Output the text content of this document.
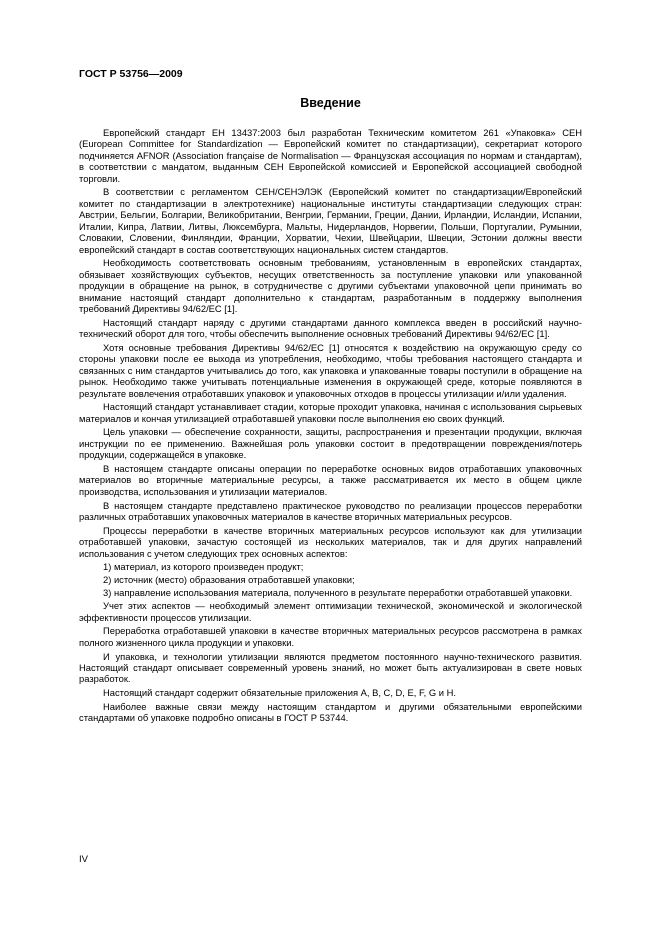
ГОСТ Р 53756—2009
Введение

Европейский стандарт ЕН 13437:2003 был разработан Техническим комитетом 261 «Упаковка» CEH (European Committee for Standardization — Европейский комитет по стандартизации), секретариат которого подчиняется AFNOR (Association française de Normalisation — Французская ассоциация по нормам и стандартам), в соответствии с мандатом, выданным CEH Европейской комиссией и Европейской ассоциацией свободной торговли.

В соответствии с регламентом CEH/СЕНЭЛЭК (Европейский комитет по стандартизации/Европейский комитет по стандартизации в электротехнике) национальные институты стандартизации следующих стран: Австрии, Бельгии, Болгарии, Великобритании, Венгрии, Германии, Греции, Дании, Ирландии, Исландии, Испании, Италии, Кипра, Латвии, Литвы, Люксембурга, Мальты, Нидерландов, Норвегии, Польши, Португалии, Румынии, Словакии, Словении, Финляндии, Франции, Хорватии, Чехии, Швейцарии, Швеции, Эстонии должны ввести европейский стандарт в состав соответствующих национальных систем стандартов.

Необходимость соответствовать основным требованиям, установленным в европейских стандартах, обязывает хозяйствующих субъектов, несущих ответственность за поступление упаковки или упакованной продукции в обращение на рынок, в сотрудничестве с другими субъектами упаковочной цепи принимать во внимание настоящий стандарт дополнительно к стандартам, разработанным в поддержку выполнения требований Директивы 94/62/ЕС [1].

Настоящий стандарт наряду с другими стандартами данного комплекса введен в российский научно-технический оборот для того, чтобы обеспечить выполнение основных требований Директивы 94/62/ЕС [1].

Хотя основные требования Директивы 94/62/ЕС [1] относятся к воздействию на окружающую среду со стороны упаковки после ее выхода из употребления, необходимо, чтобы требования настоящего стандарта и связанных с ним стандартов учитывались до того, как упаковка и упакованные товары поступили в обращение на рынок. Необходимо также учитывать потенциальные изменения в окружающей среде, которые появляются в результате вовлечения отработавших упаковок и упаковочных отходов в процессы утилизации и/или удаления.

Настоящий стандарт устанавливает стадии, которые проходит упаковка, начиная с использования сырьевых материалов и кончая утилизацией отработавшей упаковки после выполнения ею своих функций.

Цель упаковки — обеспечение сохранности, защиты, распространения и презентации продукции, включая инструкции по ее применению. Важнейшая роль упаковки состоит в предотвращении повреждения/потерь продукции, содержащейся в упаковке.

В настоящем стандарте описаны операции по переработке основных видов отработавших упаковочных материалов во вторичные материальные ресурсы, а также рассматривается их место в общем цикле производства, использования и утилизации материалов.

В настоящем стандарте представлено практическое руководство по реализации процессов переработки различных отработавших упаковочных материалов в качестве вторичных материальных ресурсов.

Процессы переработки в качестве вторичных материальных ресурсов используют как для утилизации отработавшей упаковки, зачастую состоящей из нескольких материалов, так и для других направлений использования с учетом следующих трех основных аспектов:

1) материал, из которого произведен продукт;

2) источник (место) образования отработавшей упаковки;

3) направление использования материала, полученного в результате переработки отработавшей упаковки.

Учет этих аспектов — необходимый элемент оптимизации технической, экономической и экологической эффективности процессов утилизации.

Переработка отработавшей упаковки в качестве вторичных материальных ресурсов рассмотрена в рамках полного жизненного цикла продукции и упаковки.

И упаковка, и технологии утилизации являются предметом постоянного научно-технического развития. Настоящий стандарт описывает современный уровень знаний, но может быть актуализирован в свете новых разработок.

Настоящий стандарт содержит обязательные приложения A, B, C, D, E, F, G и H.

Наиболее важные связи между настоящим стандартом и другими обязательными европейскими стандартами об упаковке подробно описаны в ГОСТ Р 53744.

IV
